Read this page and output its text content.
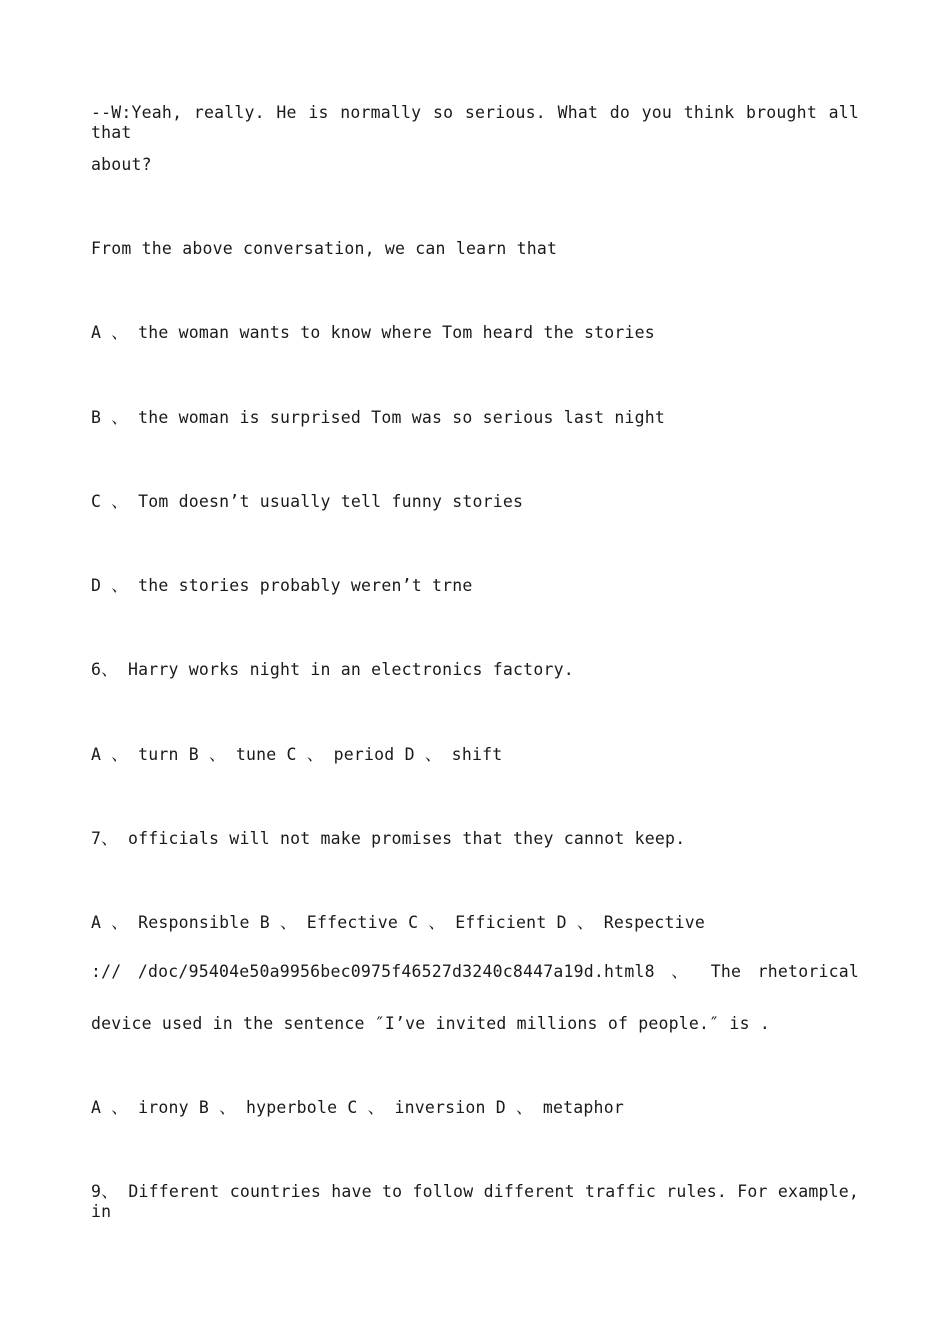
--W:Yeah, really. He is normally so serious. What do you think brought all that
about?
From the above conversation, we can learn that
A 、 the woman wants to know where Tom heard the stories
B 、 the woman is surprised Tom was so serious last night
C 、 Tom doesn’t usually tell funny stories
D 、 the stories probably weren’t trne
6、 Harry works night in an electronics factory.
A 、 turn B 、 tune C 、 period D 、 shift
7、 officials will not make promises that they cannot keep.
A 、 Responsible B 、 Effective C 、 Efficient D 、 Respective
:// /doc/95404e50a9956bec0975f46527d3240c8447a19d.html8 、 The rhetorical
device used in the sentence ″I’ve invited millions of people.″ is .
A 、 irony B 、 hyperbole C 、 inversion D 、 metaphor
9、 Different countries have to follow different traffic rules. For example, in
